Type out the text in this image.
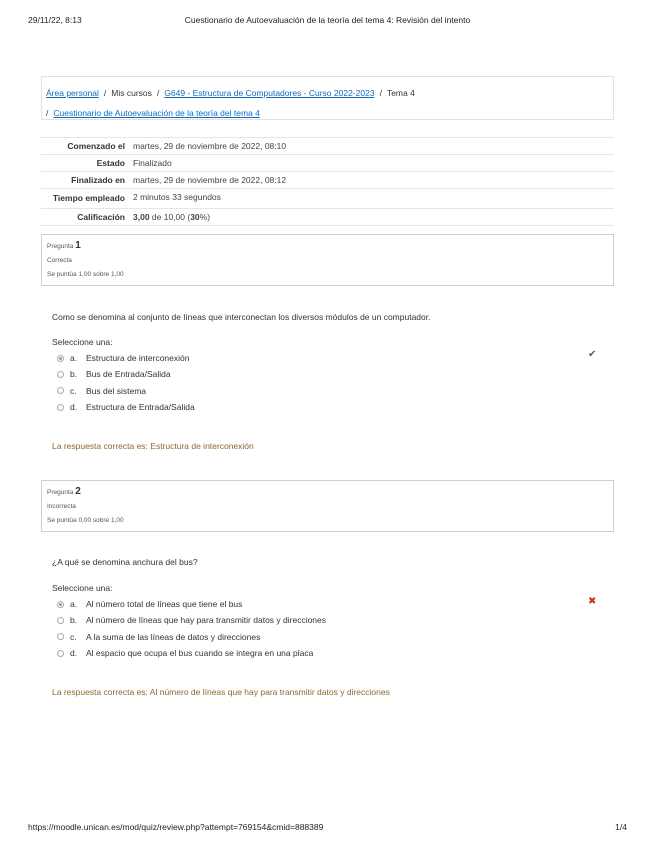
29/11/22, 8:13	Cuestionario de Autoevaluación de la teoría del tema 4: Revisión del intento
Área personal / Mis cursos / G649 - Estructura de Computadores - Curso 2022-2023 / Tema 4
/ Cuestionario de Autoevaluación de la teoría del tema 4
Comenzado el	martes, 29 de noviembre de 2022, 08:10
Estado	Finalizado
Finalizado en	martes, 29 de noviembre de 2022, 08:12
Tiempo empleado	2 minutos 33 segundos
Calificación	3,00 de 10,00 (30%)
Pregunta 1
Correcta
Se puntúa 1,00 sobre 1,00
Como se denomina al conjunto de líneas que interconectan los diversos módulos de un computador.
Seleccione una:
a.	Estructura de interconexión
b.	Bus de Entrada/Salida
c.	Bus del sistema
d.	Estructura de Entrada/Salida
✔
La respuesta correcta es: Estructura de interconexión
Pregunta 2
Incorrecta
Se puntúa 0,00 sobre 1,00
¿A qué se denomina anchura del bus?
Seleccione una:
a.	Al número total de líneas que tiene el bus
b.	Al número de líneas que hay para transmitir datos y direcciones
c.	A la suma de las líneas de datos y direcciones
d.	Al espacio que ocupa el bus cuando se integra en una placa
✖
La respuesta correcta es: Al número de líneas que hay para transmitir datos y direcciones
https://moodle.unican.es/mod/quiz/review.php?attempt=769154&cmid=888389	1/4
